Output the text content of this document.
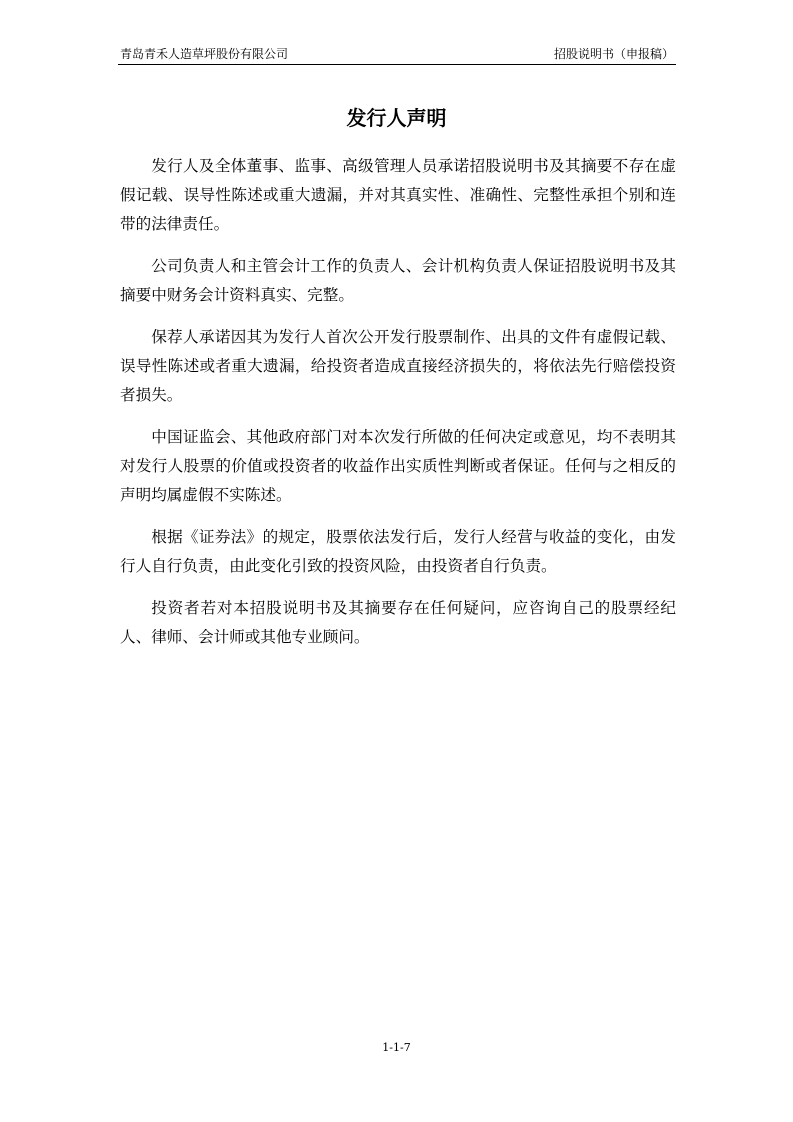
青岛青禾人造草坪股份有限公司	招股说明书（申报稿）
发行人声明

发行人及全体董事、监事、高级管理人员承诺招股说明书及其摘要不存在虚假记载、误导性陈述或重大遗漏，并对其真实性、准确性、完整性承担个别和连带的法律责任。

公司负责人和主管会计工作的负责人、会计机构负责人保证招股说明书及其摘要中财务会计资料真实、完整。

保荐人承诺因其为发行人首次公开发行股票制作、出具的文件有虚假记载、误导性陈述或者重大遗漏，给投资者造成直接经济损失的，将依法先行赔偿投资者损失。

中国证监会、其他政府部门对本次发行所做的任何决定或意见，均不表明其对发行人股票的价值或投资者的收益作出实质性判断或者保证。任何与之相反的声明均属虚假不实陈述。

根据《证券法》的规定，股票依法发行后，发行人经营与收益的变化，由发行人自行负责，由此变化引致的投资风险，由投资者自行负责。

投资者若对本招股说明书及其摘要存在任何疑问，应咨询自己的股票经纪人、律师、会计师或其他专业顾问。

1-1-7
